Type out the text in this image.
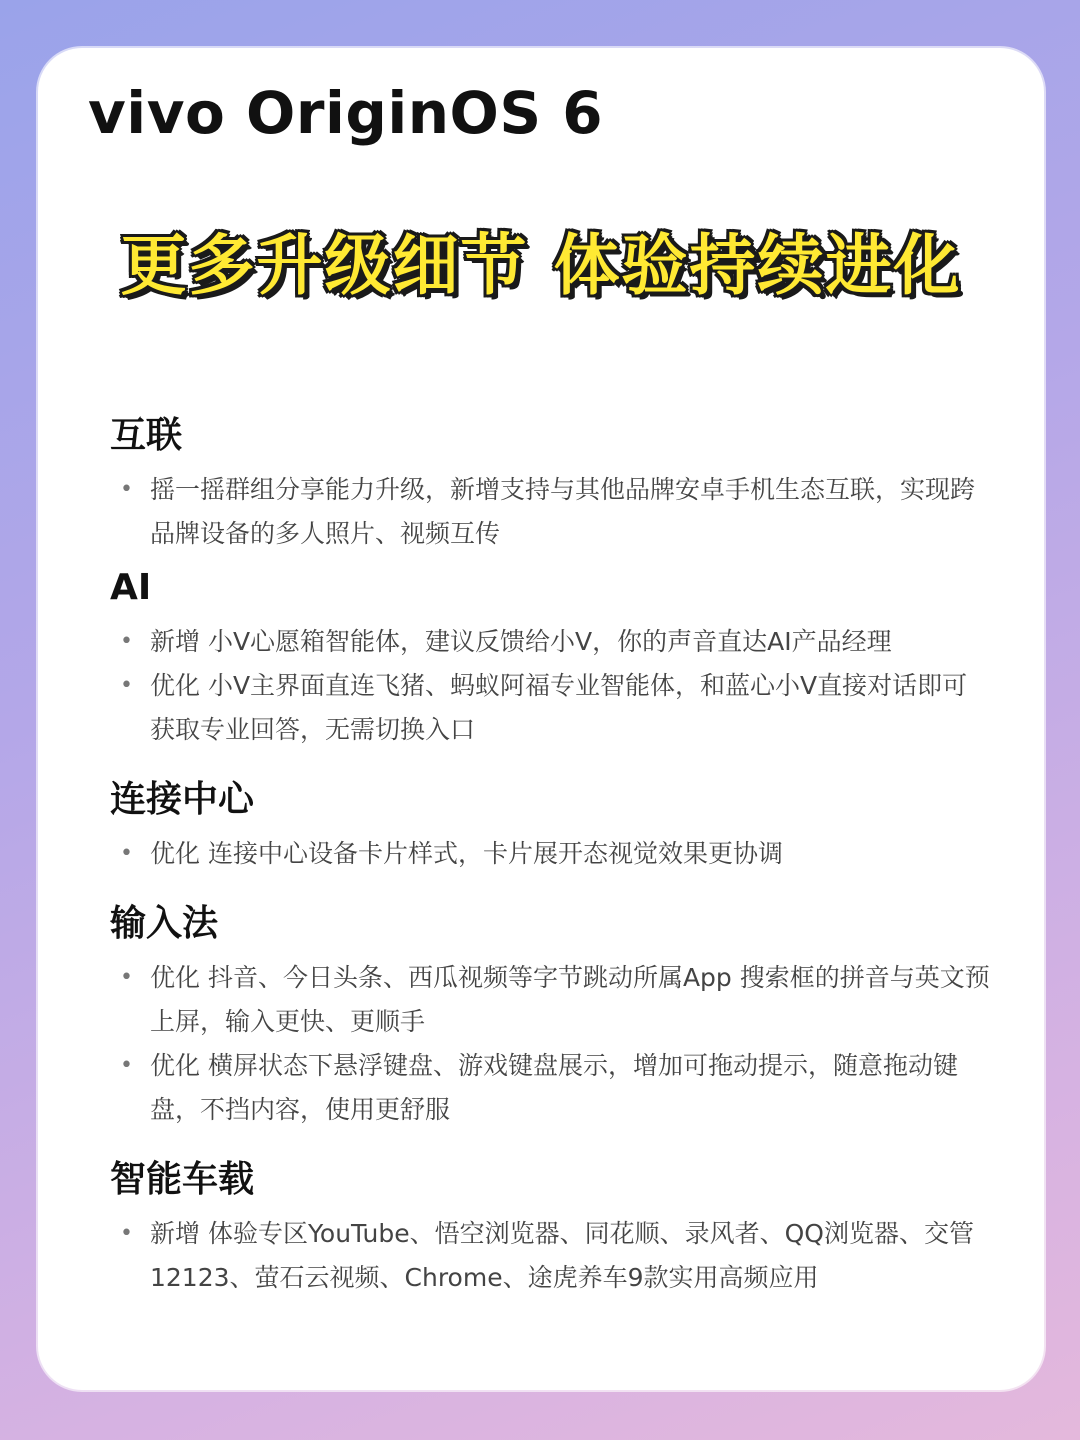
vivo OriginOS 6
更多升级细节 体验持续进化
互联
• 摇一摇群组分享能力升级，新增支持与其他品牌安卓手机生态互联，实现跨品牌设备的多人照片、视频互传
AI
• 新增 小V心愿箱智能体，建议反馈给小V，你的声音直达AI产品经理
• 优化 小V主界面直连飞猪、蚂蚁阿福专业智能体，和蓝心小V直接对话即可获取专业回答，无需切换入口
连接中心
• 优化 连接中心设备卡片样式，卡片展开态视觉效果更协调
输入法
• 优化 抖音、今日头条、西瓜视频等字节跳动所属App 搜索框的拼音与英文预上屏，输入更快、更顺手
• 优化 横屏状态下悬浮键盘、游戏键盘展示，增加可拖动提示，随意拖动键盘，不挡内容，使用更舒服
智能车载
• 新增 体验专区YouTube、悟空浏览器、同花顺、录风者、QQ浏览器、交管12123、萤石云视频、Chrome、途虎养车9款实用高频应用
